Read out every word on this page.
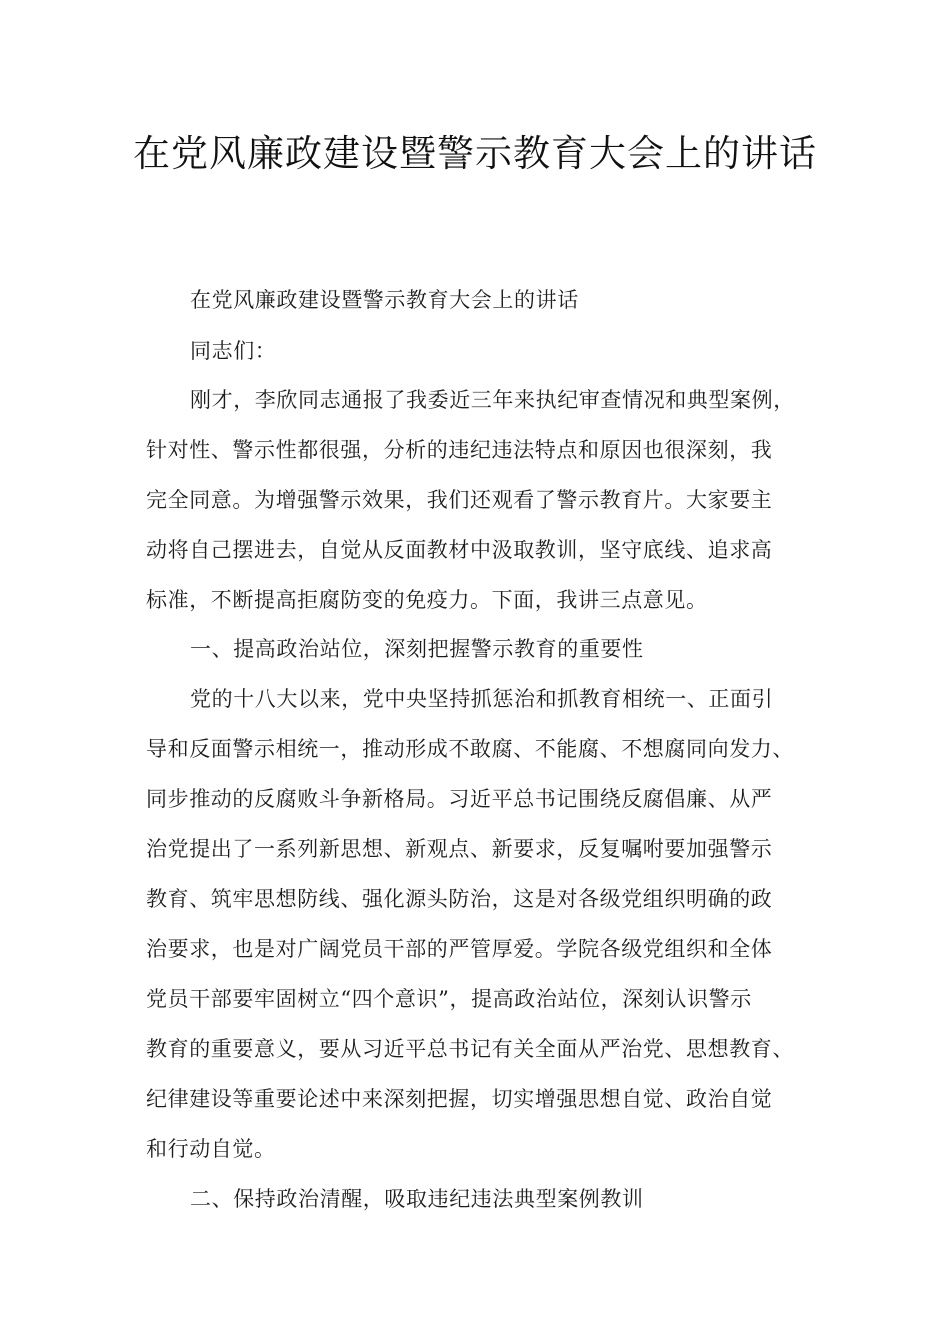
在党风廉政建设暨警示教育大会上的讲话
在党风廉政建设暨警示教育大会上的讲话
同志们：
刚才，李欣同志通报了我委近三年来执纪审查情况和典型案例，
针对性、警示性都很强，分析的违纪违法特点和原因也很深刻，我
完全同意。为增强警示效果，我们还观看了警示教育片。大家要主
动将自己摆进去，自觉从反面教材中汲取教训，坚守底线、追求高
标准，不断提高拒腐防变的免疫力。下面，我讲三点意见。
一、提高政治站位，深刻把握警示教育的重要性
党的十八大以来，党中央坚持抓惩治和抓教育相统一、正面引
导和反面警示相统一，推动形成不敢腐、不能腐、不想腐同向发力、
同步推动的反腐败斗争新格局。习近平总书记围绕反腐倡廉、从严
治党提出了一系列新思想、新观点、新要求，反复嘱咐要加强警示
教育、筑牢思想防线、强化源头防治，这是对各级党组织明确的政
治要求，也是对广阔党员干部的严管厚爱。学院各级党组织和全体
党员干部要牢固树立“四个意识”，提高政治站位，深刻认识警示
教育的重要意义，要从习近平总书记有关全面从严治党、思想教育、
纪律建设等重要论述中来深刻把握，切实增强思想自觉、政治自觉
和行动自觉。
二、保持政治清醒，吸取违纪违法典型案例教训
